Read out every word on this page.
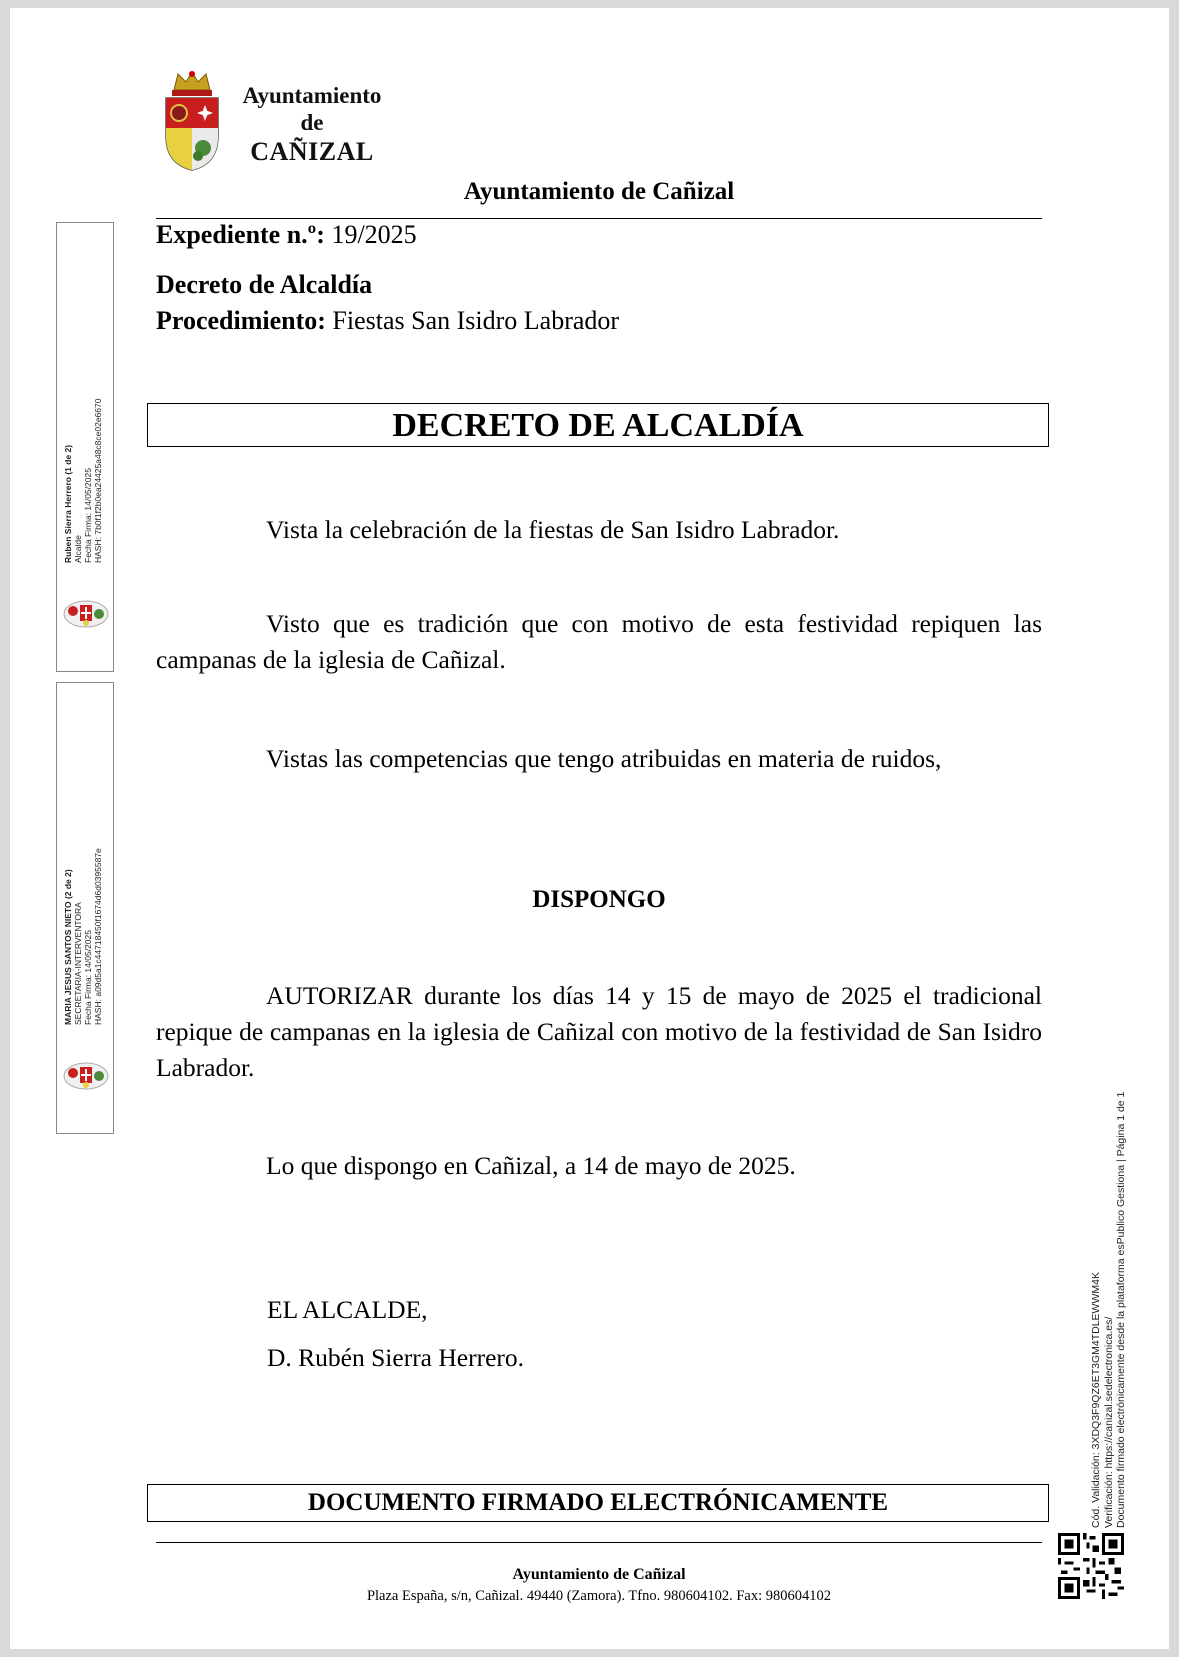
Ayuntamiento
de
CAÑIZAL
Ayuntamiento de Cañizal
Expediente n.º: 19/2025
Decreto de Alcaldía
Procedimiento: Fiestas San Isidro Labrador
DECRETO DE ALCALDÍA
Vista la celebración de la fiestas de San Isidro Labrador.
Visto que es tradición que con motivo de esta festividad repiquen las campanas de la iglesia de Cañizal.
Vistas las competencias que tengo atribuidas en materia de ruidos,
DISPONGO
AUTORIZAR durante los días 14 y 15 de mayo de 2025 el tradicional repique de campanas en la iglesia de Cañizal con motivo de la festividad de San Isidro Labrador.
Lo que dispongo en Cañizal, a 14 de mayo de 2025.
EL ALCALDE,
D. Rubén Sierra Herrero.
DOCUMENTO FIRMADO ELECTRÓNICAMENTE
Ayuntamiento de Cañizal
Plaza España, s/n, Cañizal. 49440 (Zamora). Tfno. 980604102. Fax: 980604102
Ruben Sierra Herrero (1 de 2) Alcalde Fecha Firma: 14/05/2025 HASH: 7b0f1f2b0ea24425a48c8ce02e6670
MARIA JESUS SANTOS NIETO (2 de 2) SECRETARIA-INTERVENTORA Fecha Firma: 14/05/2025 HASH: a09d5a1c44718450f1674d6d0395587e
Cód. Validación: 3XDQ3F9QZ6ET3GM4TDLEWWM4K Verificación: https://canizal.sedelectronica.es/ Documento firmado electrónicamente desde la plataforma esPublico Gestiona | Página 1 de 1
